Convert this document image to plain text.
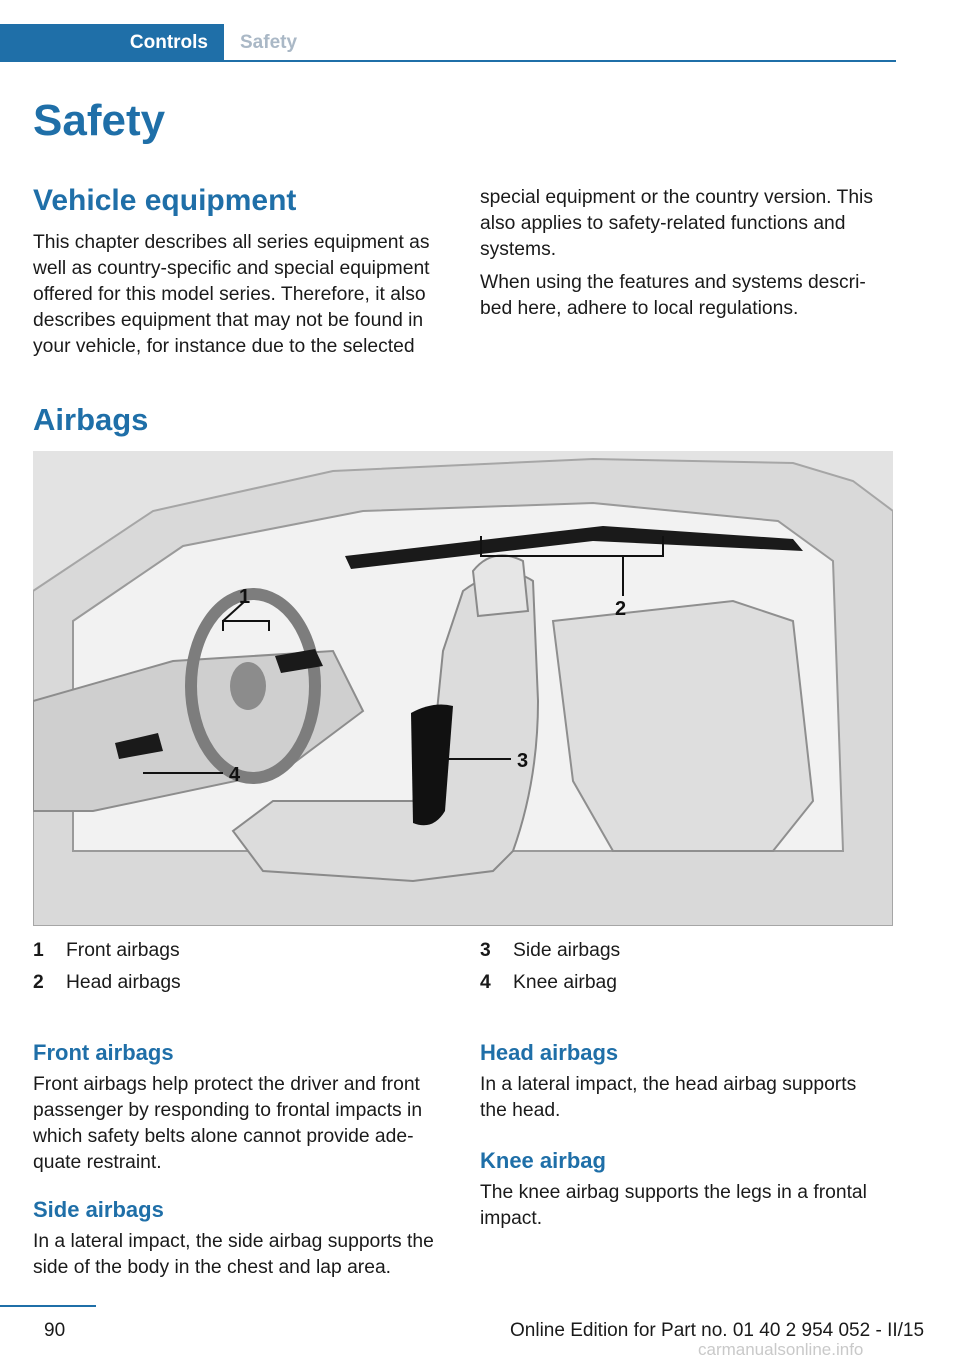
Controls Safety
Safety
Vehicle equipment

This chapter describes all series equipment as
well as country-specific and special equipment
offered for this model series. Therefore, it also
describes equipment that may not be found in
your vehicle, for instance due to the selected

special equipment or the country version. This
also applies to safety-related functions and
systems.

When using the features and systems descri-
bed here, adhere to local regulations.

Airbags
1
2
3
4
1	Front airbags
2	Head airbags
3	Side airbags
4	Knee airbag
Front airbags

Front airbags help protect the driver and front
passenger by responding to frontal impacts in
which safety belts alone cannot provide ade-
quate restraint.

Side airbags

In a lateral impact, the side airbag supports the
side of the body in the chest and lap area.

Head airbags

In a lateral impact, the head airbag supports
the head.

Knee airbag

The knee airbag supports the legs in a frontal
impact.

90	Online Edition for Part no. 01 40 2 954 052 - II/15
carmanualsonline.info
